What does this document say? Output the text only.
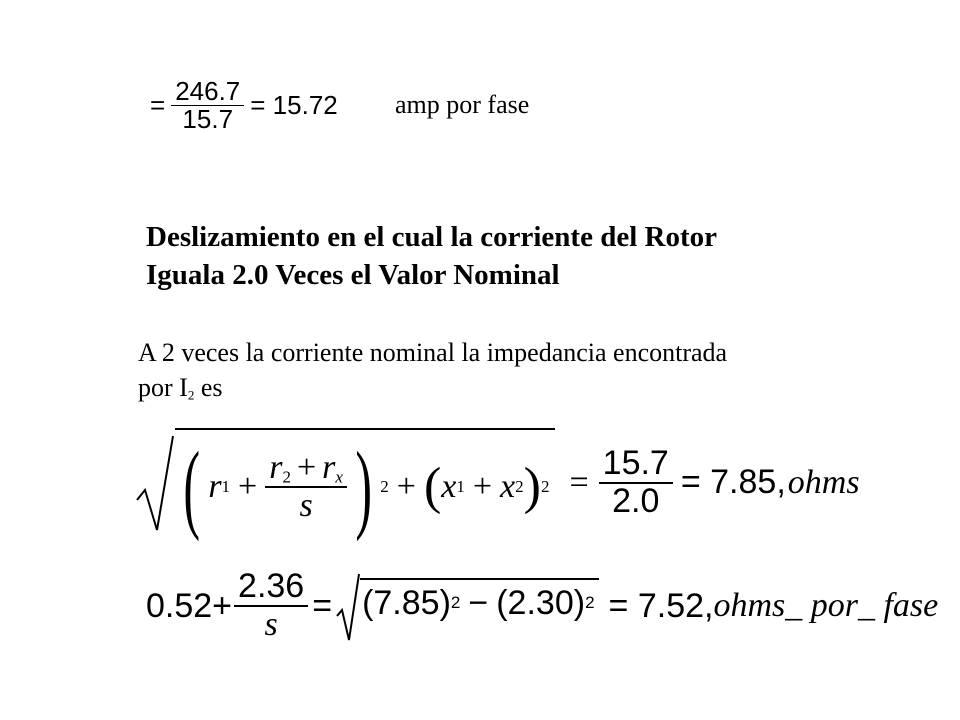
= $\frac{246.7}{15.7} = 15.72$ amp por fase
Deslizamiento en el cual la corriente del Rotor
Iguala 2.0 Veces el Valor Nominal
A 2 veces la corriente nominal la impedancia encontrada
por $I_2$ es
( r $1 + \frac{r_2 + r_x}{s}$ ) 2 + ( x 1 + x 2 ) $2 = \frac{15.7}{2.0} = 7.85$, ohms
$0.52+ \frac{2.36}{s} = (7.85) 2 - (2.30) 2 = 7.52$, ohms_ por_ fase
